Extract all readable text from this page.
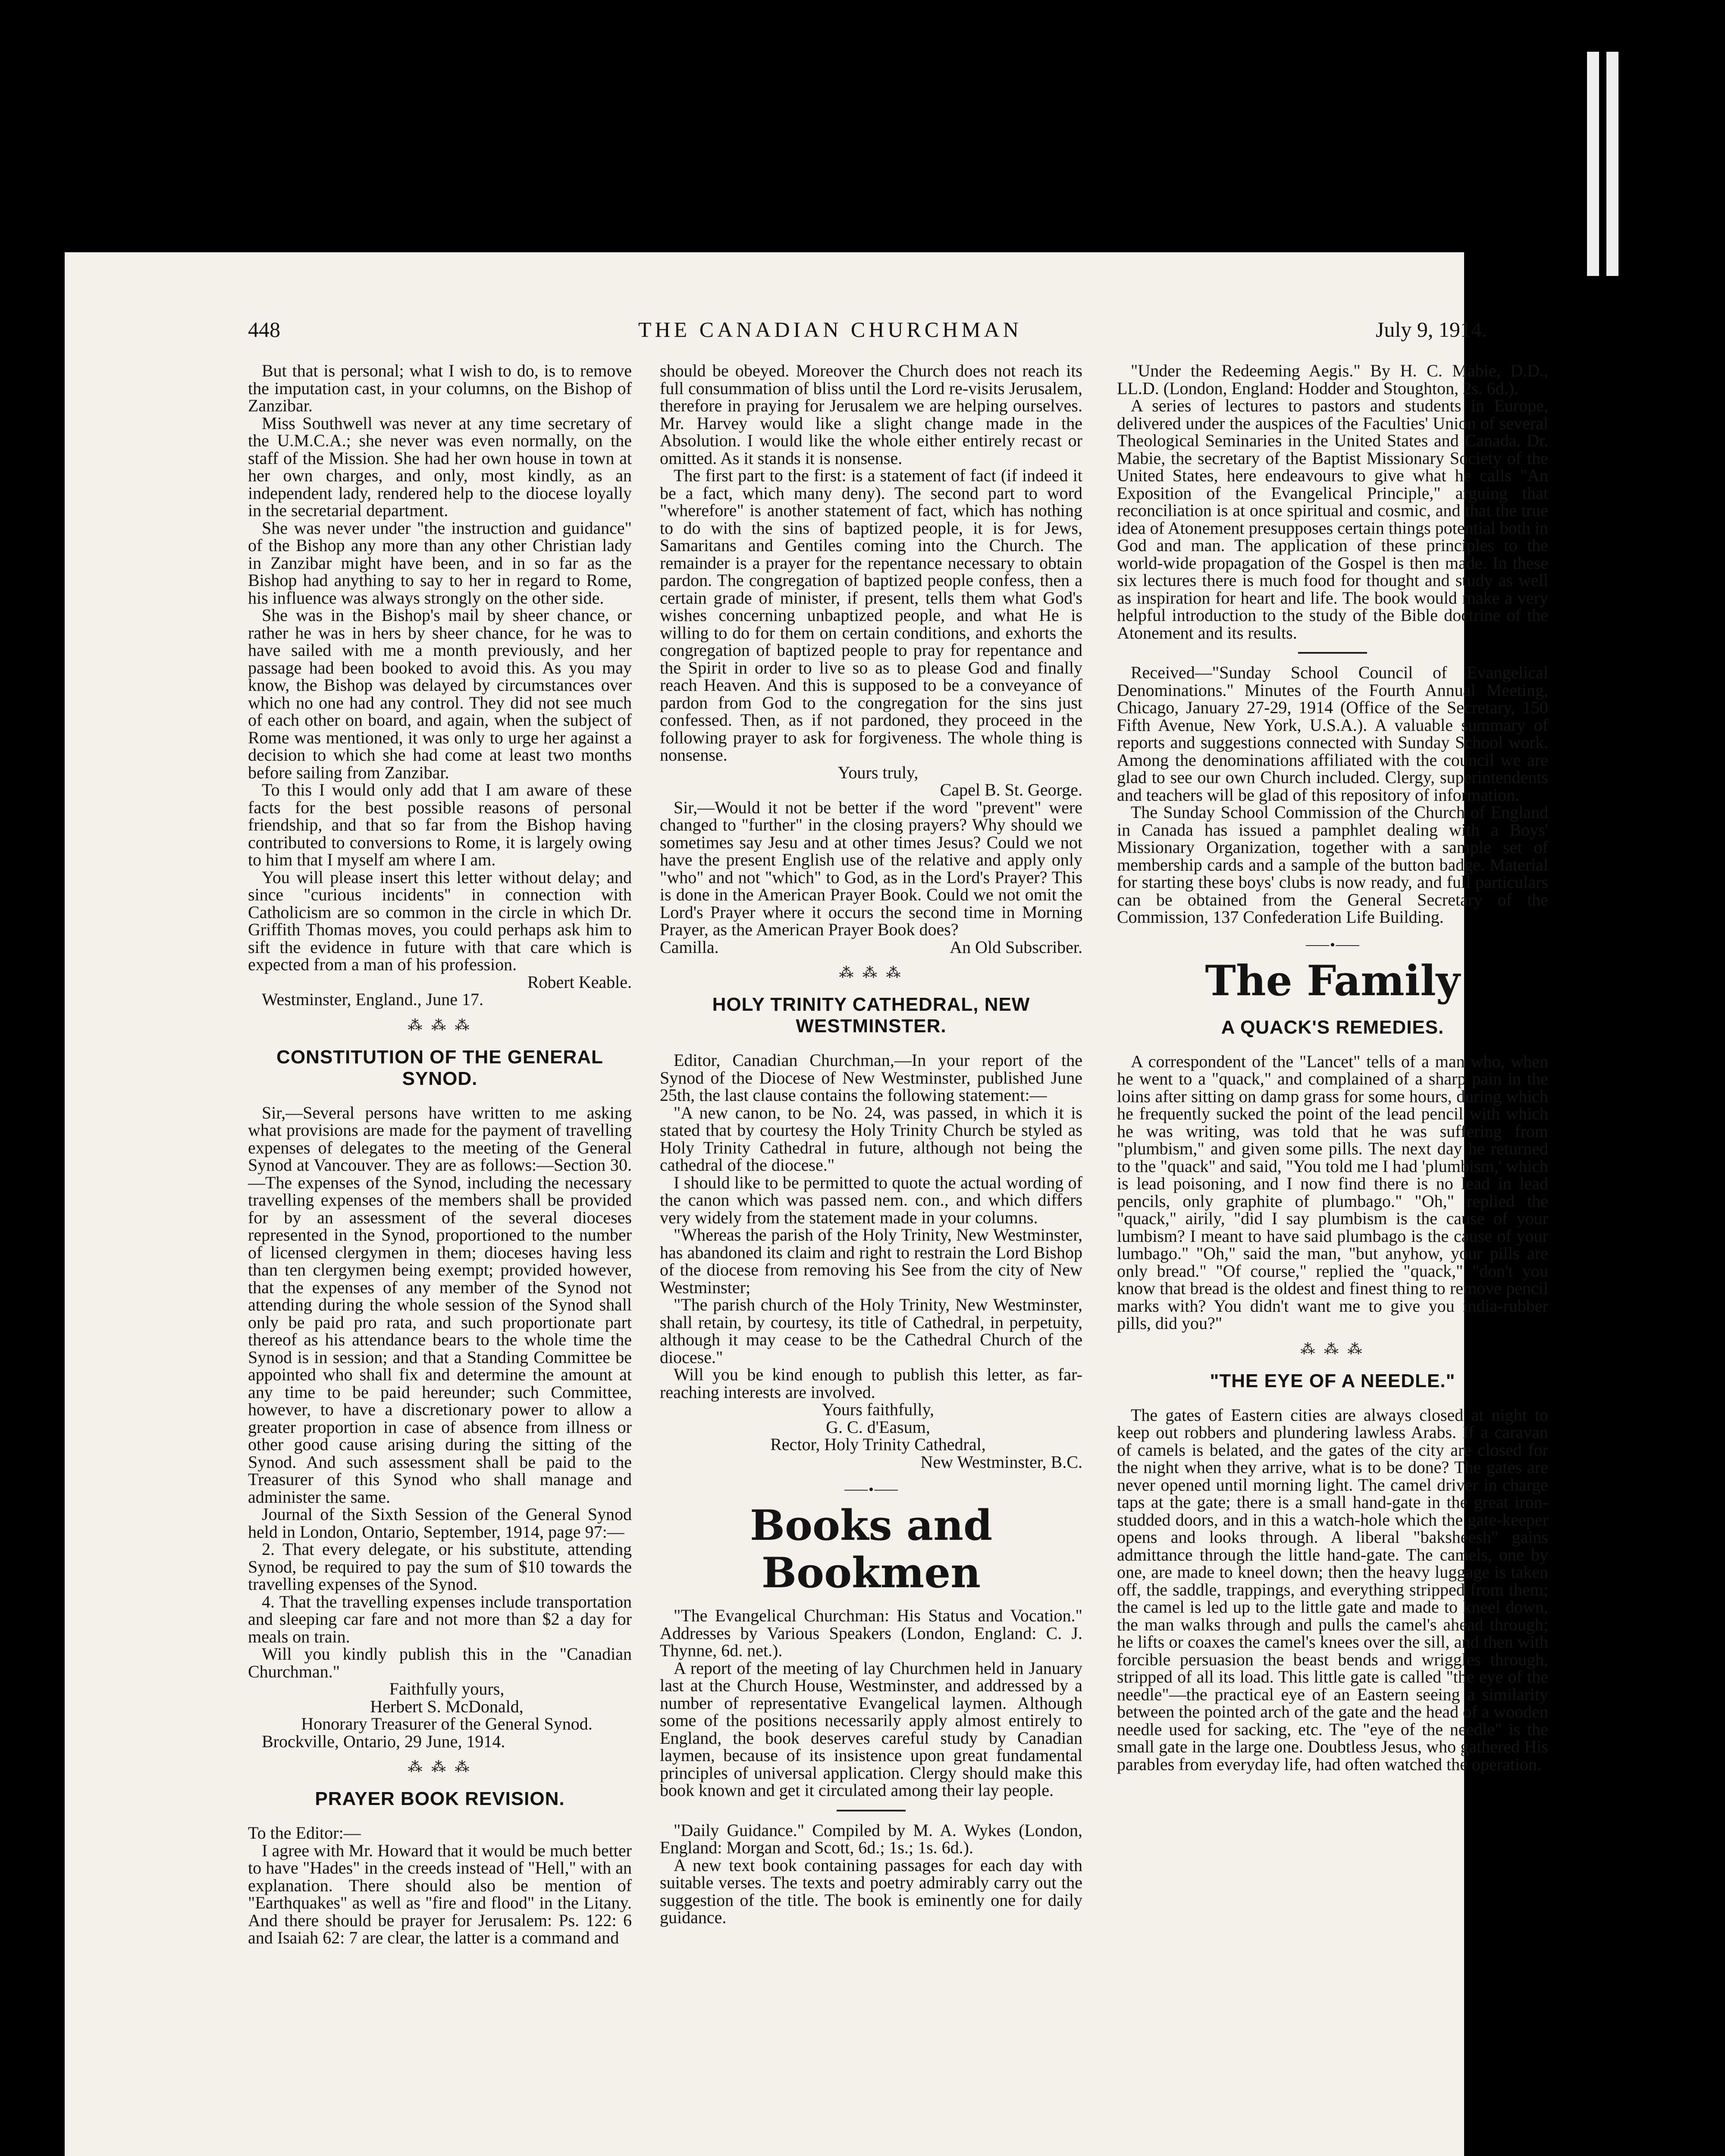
448	THE CANADIAN CHURCHMAN	July 9, 1914.

But that is personal; what I wish to do, is to remove the imputation cast, in your columns, on the Bishop of Zanzibar.

Miss Southwell was never at any time secretary of the U.M.C.A.; she never was even normally, on the staff of the Mission. She had her own house in town at her own charges, and only, most kindly, as an independent lady, rendered help to the diocese loyally in the secretarial department.

She was never under "the instruction and guidance" of the Bishop any more than any other Christian lady in Zanzibar might have been, and in so far as the Bishop had anything to say to her in regard to Rome, his influence was always strongly on the other side.

She was in the Bishop's mail by sheer chance, or rather he was in hers by sheer chance, for he was to have sailed with me a month previously, and her passage had been booked to avoid this. As you may know, the Bishop was delayed by circumstances over which no one had any control. They did not see much of each other on board, and again, when the subject of Rome was mentioned, it was only to urge her against a decision to which she had come at least two months before sailing from Zanzibar.

To this I would only add that I am aware of these facts for the best possible reasons of personal friendship, and that so far from the Bishop having contributed to conversions to Rome, it is largely owing to him that I myself am where I am.

You will please insert this letter without delay; and since "curious incidents" in connection with Catholicism are so common in the circle in which Dr. Griffith Thomas moves, you could perhaps ask him to sift the evidence in future with that care which is expected from a man of his profession.

Robert Keable.

Westminster, England., June 17.

⁂ ⁂ ⁂
CONSTITUTION OF THE GENERAL SYNOD.

Sir,—Several persons have written to me asking what provisions are made for the payment of travelling expenses of delegates to the meeting of the General Synod at Vancouver. They are as follows:—Section 30.—The expenses of the Synod, including the necessary travelling expenses of the members shall be provided for by an assessment of the several dioceses represented in the Synod, proportioned to the number of licensed clergymen in them; dioceses having less than ten clergymen being exempt; provided however, that the expenses of any member of the Synod not attending during the whole session of the Synod shall only be paid pro rata, and such proportionate part thereof as his attendance bears to the whole time the Synod is in session; and that a Standing Committee be appointed who shall fix and determine the amount at any time to be paid hereunder; such Committee, however, to have a discretionary power to allow a greater proportion in case of absence from illness or other good cause arising during the sitting of the Synod. And such assessment shall be paid to the Treasurer of this Synod who shall manage and administer the same.

Journal of the Sixth Session of the General Synod held in London, Ontario, September, 1914, page 97:—

2. That every delegate, or his substitute, attending Synod, be required to pay the sum of $10 towards the travelling expenses of the Synod.

4. That the travelling expenses include transportation and sleeping car fare and not more than $2 a day for meals on train.

Will you kindly publish this in the "Canadian Churchman."

Faithfully yours,

Herbert S. McDonald,

Honorary Treasurer of the General Synod.

Brockville, Ontario, 29 June, 1914.

⁂ ⁂ ⁂
PRAYER BOOK REVISION.

To the Editor:—

I agree with Mr. Howard that it would be much better to have "Hades" in the creeds instead of "Hell," with an explanation. There should also be mention of "Earthquakes" as well as "fire and flood" in the Litany. And there should be prayer for Jerusalem: Ps. 122: 6 and Isaiah 62: 7 are clear, the latter is a command and

should be obeyed. Moreover the Church does not reach its full consummation of bliss until the Lord re-visits Jerusalem, therefore in praying for Jerusalem we are helping ourselves. Mr. Harvey would like a slight change made in the Absolution. I would like the whole either entirely recast or omitted. As it stands it is nonsense.

The first part to the first: is a statement of fact (if indeed it be a fact, which many deny). The second part to word "wherefore" is another statement of fact, which has nothing to do with the sins of baptized people, it is for Jews, Samaritans and Gentiles coming into the Church. The remainder is a prayer for the repentance necessary to obtain pardon. The congregation of baptized people confess, then a certain grade of minister, if present, tells them what God's wishes concerning unbaptized people, and what He is willing to do for them on certain conditions, and exhorts the congregation of baptized people to pray for repentance and the Spirit in order to live so as to please God and finally reach Heaven. And this is supposed to be a conveyance of pardon from God to the congregation for the sins just confessed. Then, as if not pardoned, they proceed in the following prayer to ask for forgiveness. The whole thing is nonsense.

Yours truly,

Capel B. St. George.

Sir,—Would it not be better if the word "prevent" were changed to "further" in the closing prayers? Why should we sometimes say Jesu and at other times Jesus? Could we not have the present English use of the relative and apply only "who" and not "which" to God, as in the Lord's Prayer? This is done in the American Prayer Book. Could we not omit the Lord's Prayer where it occurs the second time in Morning Prayer, as the American Prayer Book does?

Camilla.	An Old Subscriber.
⁂ ⁂ ⁂
HOLY TRINITY CATHEDRAL, NEW WESTMINSTER.

Editor, Canadian Churchman,—In your report of the Synod of the Diocese of New Westminster, published June 25th, the last clause contains the following statement:—

"A new canon, to be No. 24, was passed, in which it is stated that by courtesy the Holy Trinity Church be styled as Holy Trinity Cathedral in future, although not being the cathedral of the diocese."

I should like to be permitted to quote the actual wording of the canon which was passed nem. con., and which differs very widely from the statement made in your columns.

"Whereas the parish of the Holy Trinity, New Westminster, has abandoned its claim and right to restrain the Lord Bishop of the diocese from removing his See from the city of New Westminster;

"The parish church of the Holy Trinity, New Westminster, shall retain, by courtesy, its title of Cathedral, in perpetuity, although it may cease to be the Cathedral Church of the diocese."

Will you be kind enough to publish this letter, as far-reaching interests are involved.

Yours faithfully,

G. C. d'Easum,

Rector, Holy Trinity Cathedral,

New Westminster, B.C.

⸺•⸺
Books and Bookmen

"The Evangelical Churchman: His Status and Vocation." Addresses by Various Speakers (London, England: C. J. Thynne, 6d. net.).

A report of the meeting of lay Churchmen held in January last at the Church House, Westminster, and addressed by a number of representative Evangelical laymen. Although some of the positions necessarily apply almost entirely to England, the book deserves careful study by Canadian laymen, because of its insistence upon great fundamental principles of universal application. Clergy should make this book known and get it circulated among their lay people.

"Daily Guidance." Compiled by M. A. Wykes (London, England: Morgan and Scott, 6d.; 1s.; 1s. 6d.).

A new text book containing passages for each day with suitable verses. The texts and poetry admirably carry out the suggestion of the title. The book is eminently one for daily guidance.

"Under the Redeeming Aegis." By H. C. Mabie, D.D., LL.D. (London, England: Hodder and Stoughton, 2s. 6d.).

A series of lectures to pastors and students in Europe, delivered under the auspices of the Faculties' Union of several Theological Seminaries in the United States and Canada. Dr. Mabie, the secretary of the Baptist Missionary Society of the United States, here endeavours to give what he calls "An Exposition of the Evangelical Principle," arguing that reconciliation is at once spiritual and cosmic, and that the true idea of Atonement presupposes certain things potential both in God and man. The application of these principles to the world-wide propagation of the Gospel is then made. In these six lectures there is much food for thought and study as well as inspiration for heart and life. The book would make a very helpful introduction to the study of the Bible doctrine of the Atonement and its results.

Received—"Sunday School Council of Evangelical Denominations." Minutes of the Fourth Annual Meeting, Chicago, January 27-29, 1914 (Office of the Secretary, 150 Fifth Avenue, New York, U.S.A.). A valuable summary of reports and suggestions connected with Sunday School work. Among the denominations affiliated with the council we are glad to see our own Church included. Clergy, superintendents and teachers will be glad of this repository of information.

The Sunday School Commission of the Church of England in Canada has issued a pamphlet dealing with a Boys' Missionary Organization, together with a sample set of membership cards and a sample of the button badge. Material for starting these boys' clubs is now ready, and full particulars can be obtained from the General Secretary of the Commission, 137 Confederation Life Building.

⸺•⸺
The Family
A QUACK'S REMEDIES.

A correspondent of the "Lancet" tells of a man who, when he went to a "quack," and complained of a sharp pain in the loins after sitting on damp grass for some hours, during which he frequently sucked the point of the lead pencil with which he was writing, was told that he was suffering from "plumbism," and given some pills. The next day he returned to the "quack" and said, "You told me I had 'plumbism,' which is lead poisoning, and I now find there is no lead in lead pencils, only graphite of plumbago." "Oh," replied the "quack," airily, "did I say plumbism is the cause of your lumbism? I meant to have said plumbago is the cause of your lumbago." "Oh," said the man, "but anyhow, your pills are only bread." "Of course," replied the "quack," "don't you know that bread is the oldest and finest thing to remove pencil marks with? You didn't want me to give you india-rubber pills, did you?"

⁂ ⁂ ⁂
"THE EYE OF A NEEDLE."

The gates of Eastern cities are always closed at night to keep out robbers and plundering lawless Arabs. If a caravan of camels is belated, and the gates of the city are closed for the night when they arrive, what is to be done? The gates are never opened until morning light. The camel driver in charge taps at the gate; there is a small hand-gate in the great iron-studded doors, and in this a watch-hole which the gate-keeper opens and looks through. A liberal "baksheesh" gains admittance through the little hand-gate. The camels, one by one, are made to kneel down; then the heavy luggage is taken off, the saddle, trappings, and everything stripped from them; the camel is led up to the little gate and made to kneel down, the man walks through and pulls the camel's ahead through; he lifts or coaxes the camel's knees over the sill, and then with forcible persuasion the beast bends and wriggles through, stripped of all its load. This little gate is called "the eye of the needle"—the practical eye of an Eastern seeing a similarity between the pointed arch of the gate and the head of a wooden needle used for sacking, etc. The "eye of the needle" is the small gate in the large one. Doubtless Jesus, who gathered His parables from everyday life, had often watched the operation.
